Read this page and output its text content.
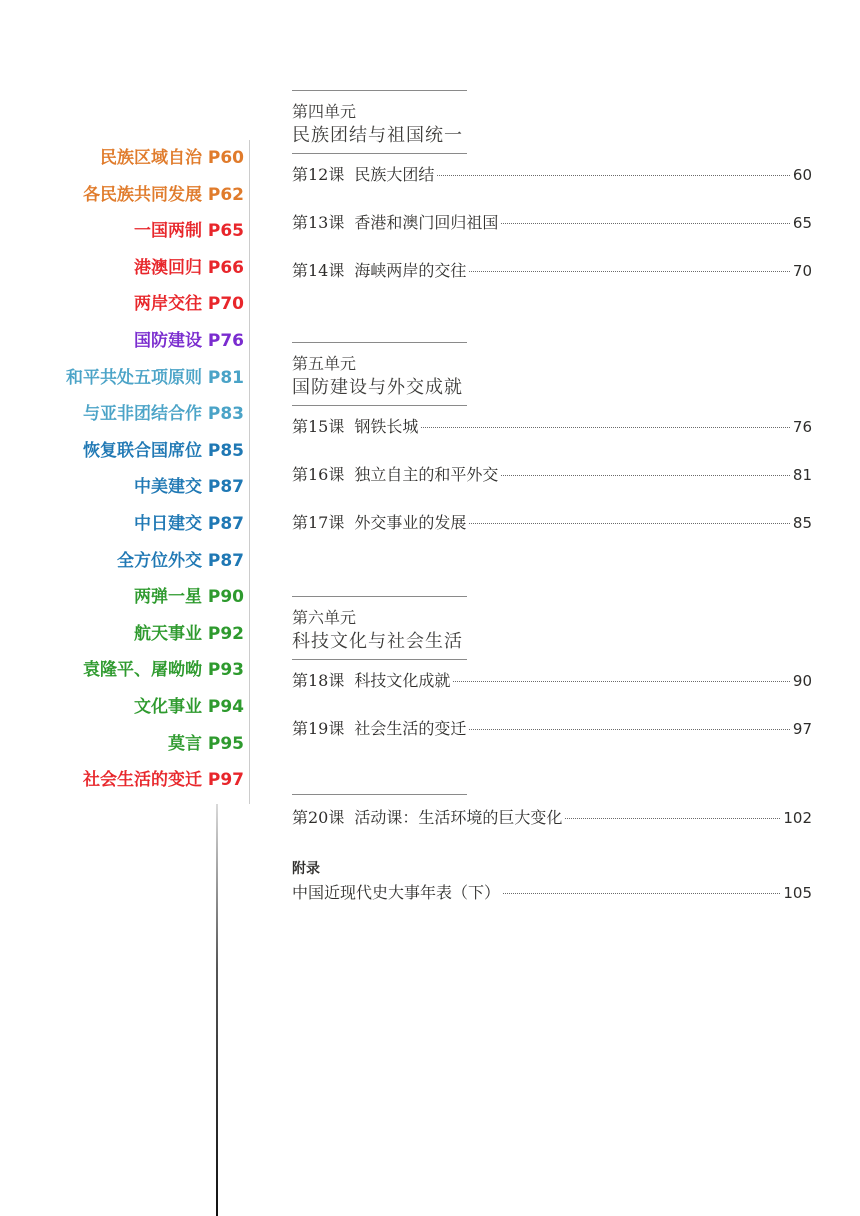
民族区域自治 P60
各民族共同发展 P62
一国两制 P65
港澳回归 P66
两岸交往 P70
国防建设 P76
和平共处五项原则 P81
与亚非团结合作 P83
恢复联合国席位 P85
中美建交 P87
中日建交 P87
全方位外交 P87
两弹一星 P90
航天事业 P92
袁隆平、屠呦呦 P93
文化事业 P94
莫言 P95
社会生活的变迁 P97
第四单元
民族团结与祖国统一
第12课 民族大团结	60
第13课 香港和澳门回归祖国	65
第14课 海峡两岸的交往	70
第五单元
国防建设与外交成就
第15课 钢铁长城	76
第16课 独立自主的和平外交	81
第17课 外交事业的发展	85
第六单元
科技文化与社会生活
第18课 科技文化成就	90
第19课 社会生活的变迁	97
第20课 活动课：生活环境的巨大变化	102
附录
中国近现代史大事年表（下）	105
